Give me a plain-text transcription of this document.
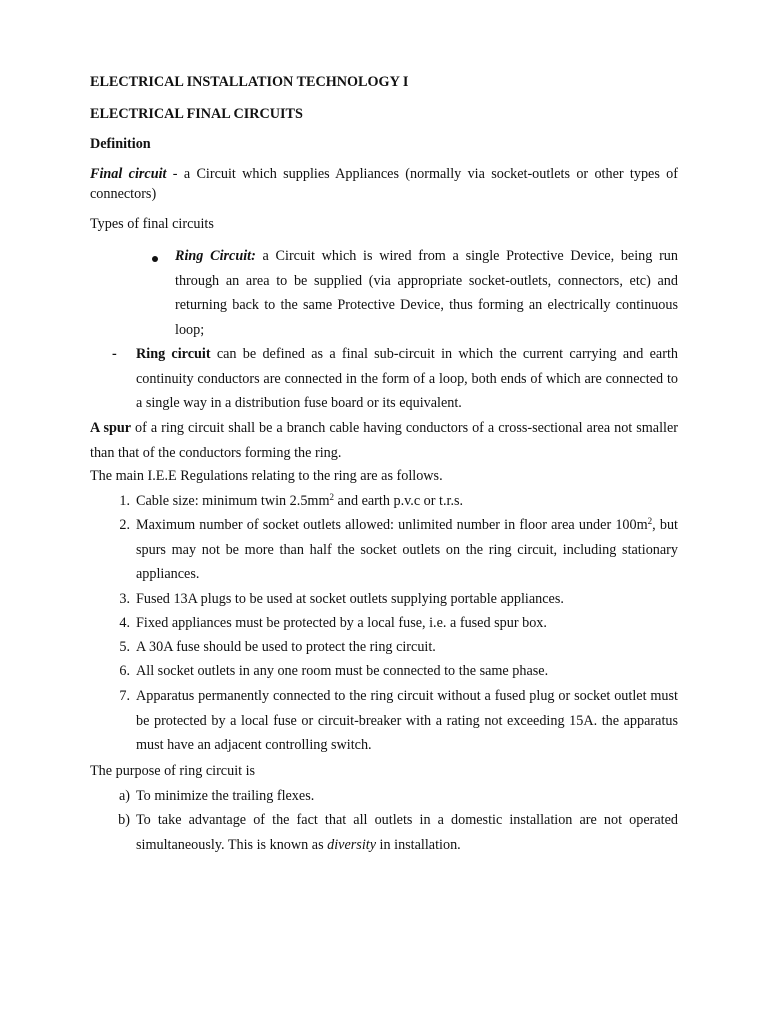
ELECTRICAL INSTALLATION TECHNOLOGY I

ELECTRICAL FINAL CIRCUITS

Definition

Final circuit - a Circuit which supplies Appliances (normally via socket-outlets or other types of connectors)

Types of final circuits

Ring Circuit: a Circuit which is wired from a single Protective Device, being run through an area to be supplied (via appropriate socket-outlets, connectors, etc) and returning back to the same Protective Device, thus forming an electrically continuous loop;

- Ring circuit can be defined as a final sub-circuit in which the current carrying and earth continuity conductors are connected in the form of a loop, both ends of which are connected to a single way in a distribution fuse board or its equivalent.

A spur of a ring circuit shall be a branch cable having conductors of a cross-sectional area not smaller than that of the conductors forming the ring.

The main I.E.E Regulations relating to the ring are as follows.

1. Cable size: minimum twin $2.5mm^2$ and earth p.v.c or t.r.s.

2. Maximum number of socket outlets allowed: unlimited number in floor area under $100m^2$, but spurs may not be more than half the socket outlets on the ring circuit, including stationary appliances.

3. Fused 13A plugs to be used at socket outlets supplying portable appliances.

4. Fixed appliances must be protected by a local fuse, i.e. a fused spur box.

5. A 30A fuse should be used to protect the ring circuit.

6. All socket outlets in any one room must be connected to the same phase.

7. Apparatus permanently connected to the ring circuit without a fused plug or socket outlet must be protected by a local fuse or circuit-breaker with a rating not exceeding 15A. the apparatus must have an adjacent controlling switch.

The purpose of ring circuit is

a) To minimize the trailing flexes.

b) To take advantage of the fact that all outlets in a domestic installation are not operated simultaneously. This is known as diversity in installation.
